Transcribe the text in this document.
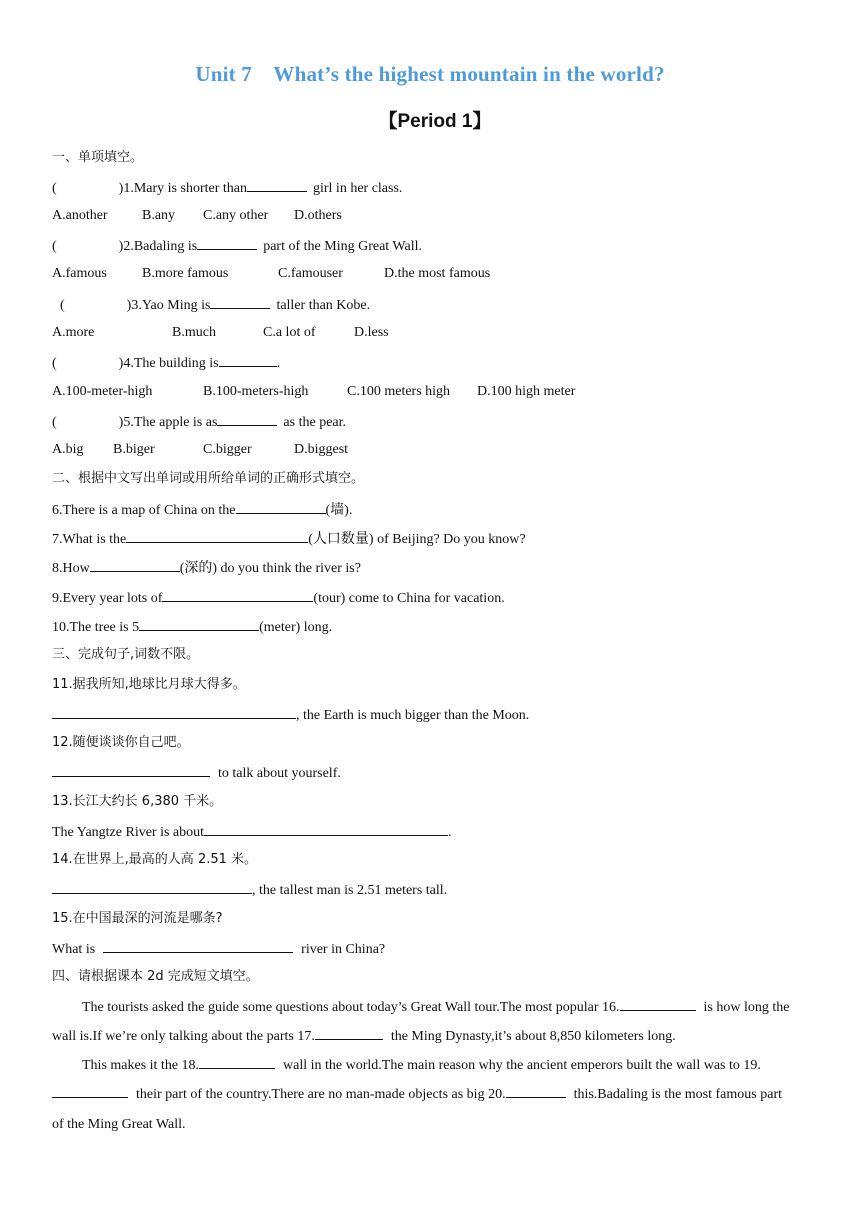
Unit 7    What’s the highest mountain in the world?
【Period 1】
一、单项填空。
(	)1.Mary is shorter than	girl in her class.
A.another B.any C.any other D.others
(	)2.Badaling is	part of the Ming Great Wall.
A.famous	B.more famous	C.famouser	D.the most famous
(	)3.Yao Ming is	taller than Kobe.
A.more	B.much	C.a lot of	D.less
(	)4.The building is	.
A.100-meter-high	B.100-meters-high	C.100 meters high D.100 high meter
(	)5.The apple is as	as the pear.
A.big B.biger	C.bigger	D.biggest
二、根据中文写出单词或用所给单词的正确形式填空。
6.There is a map of China on the	(墙).
7.What is the	(人口数量) of Beijing? Do you know?
8.How	(深的) do you think the river is?
9.Every year lots of	(tour) come to China for vacation.
10.The tree is 5	(meter) long.
三、完成句子,词数不限。
11.据我所知,地球比月球大得多。
, the Earth is much bigger than the Moon.
12.随便谈谈你自己吧。
to talk about yourself.
13.长江大约长 6,380 千米。
The Yangtze River is about	.
14.在世界上,最高的人高 2.51 米。
, the tallest man is 2.51 meters tall.
15.在中国最深的河流是哪条?
What is	river in China?
四、请根据课本 2d 完成短文填空。
The tourists asked the guide some questions about today’s Great Wall tour.The most popular 16.	is how long the wall is.If we’re only talking about the parts 17.	the Ming Dynasty,it’s about 8,850 kilometers long.
This makes it the 18.	wall in the world.The main reason why the ancient emperors built the wall was to 19.their part of the country.There are no man-made objects as big 20.	this.Badaling is the most famous part of the Ming Great Wall.
